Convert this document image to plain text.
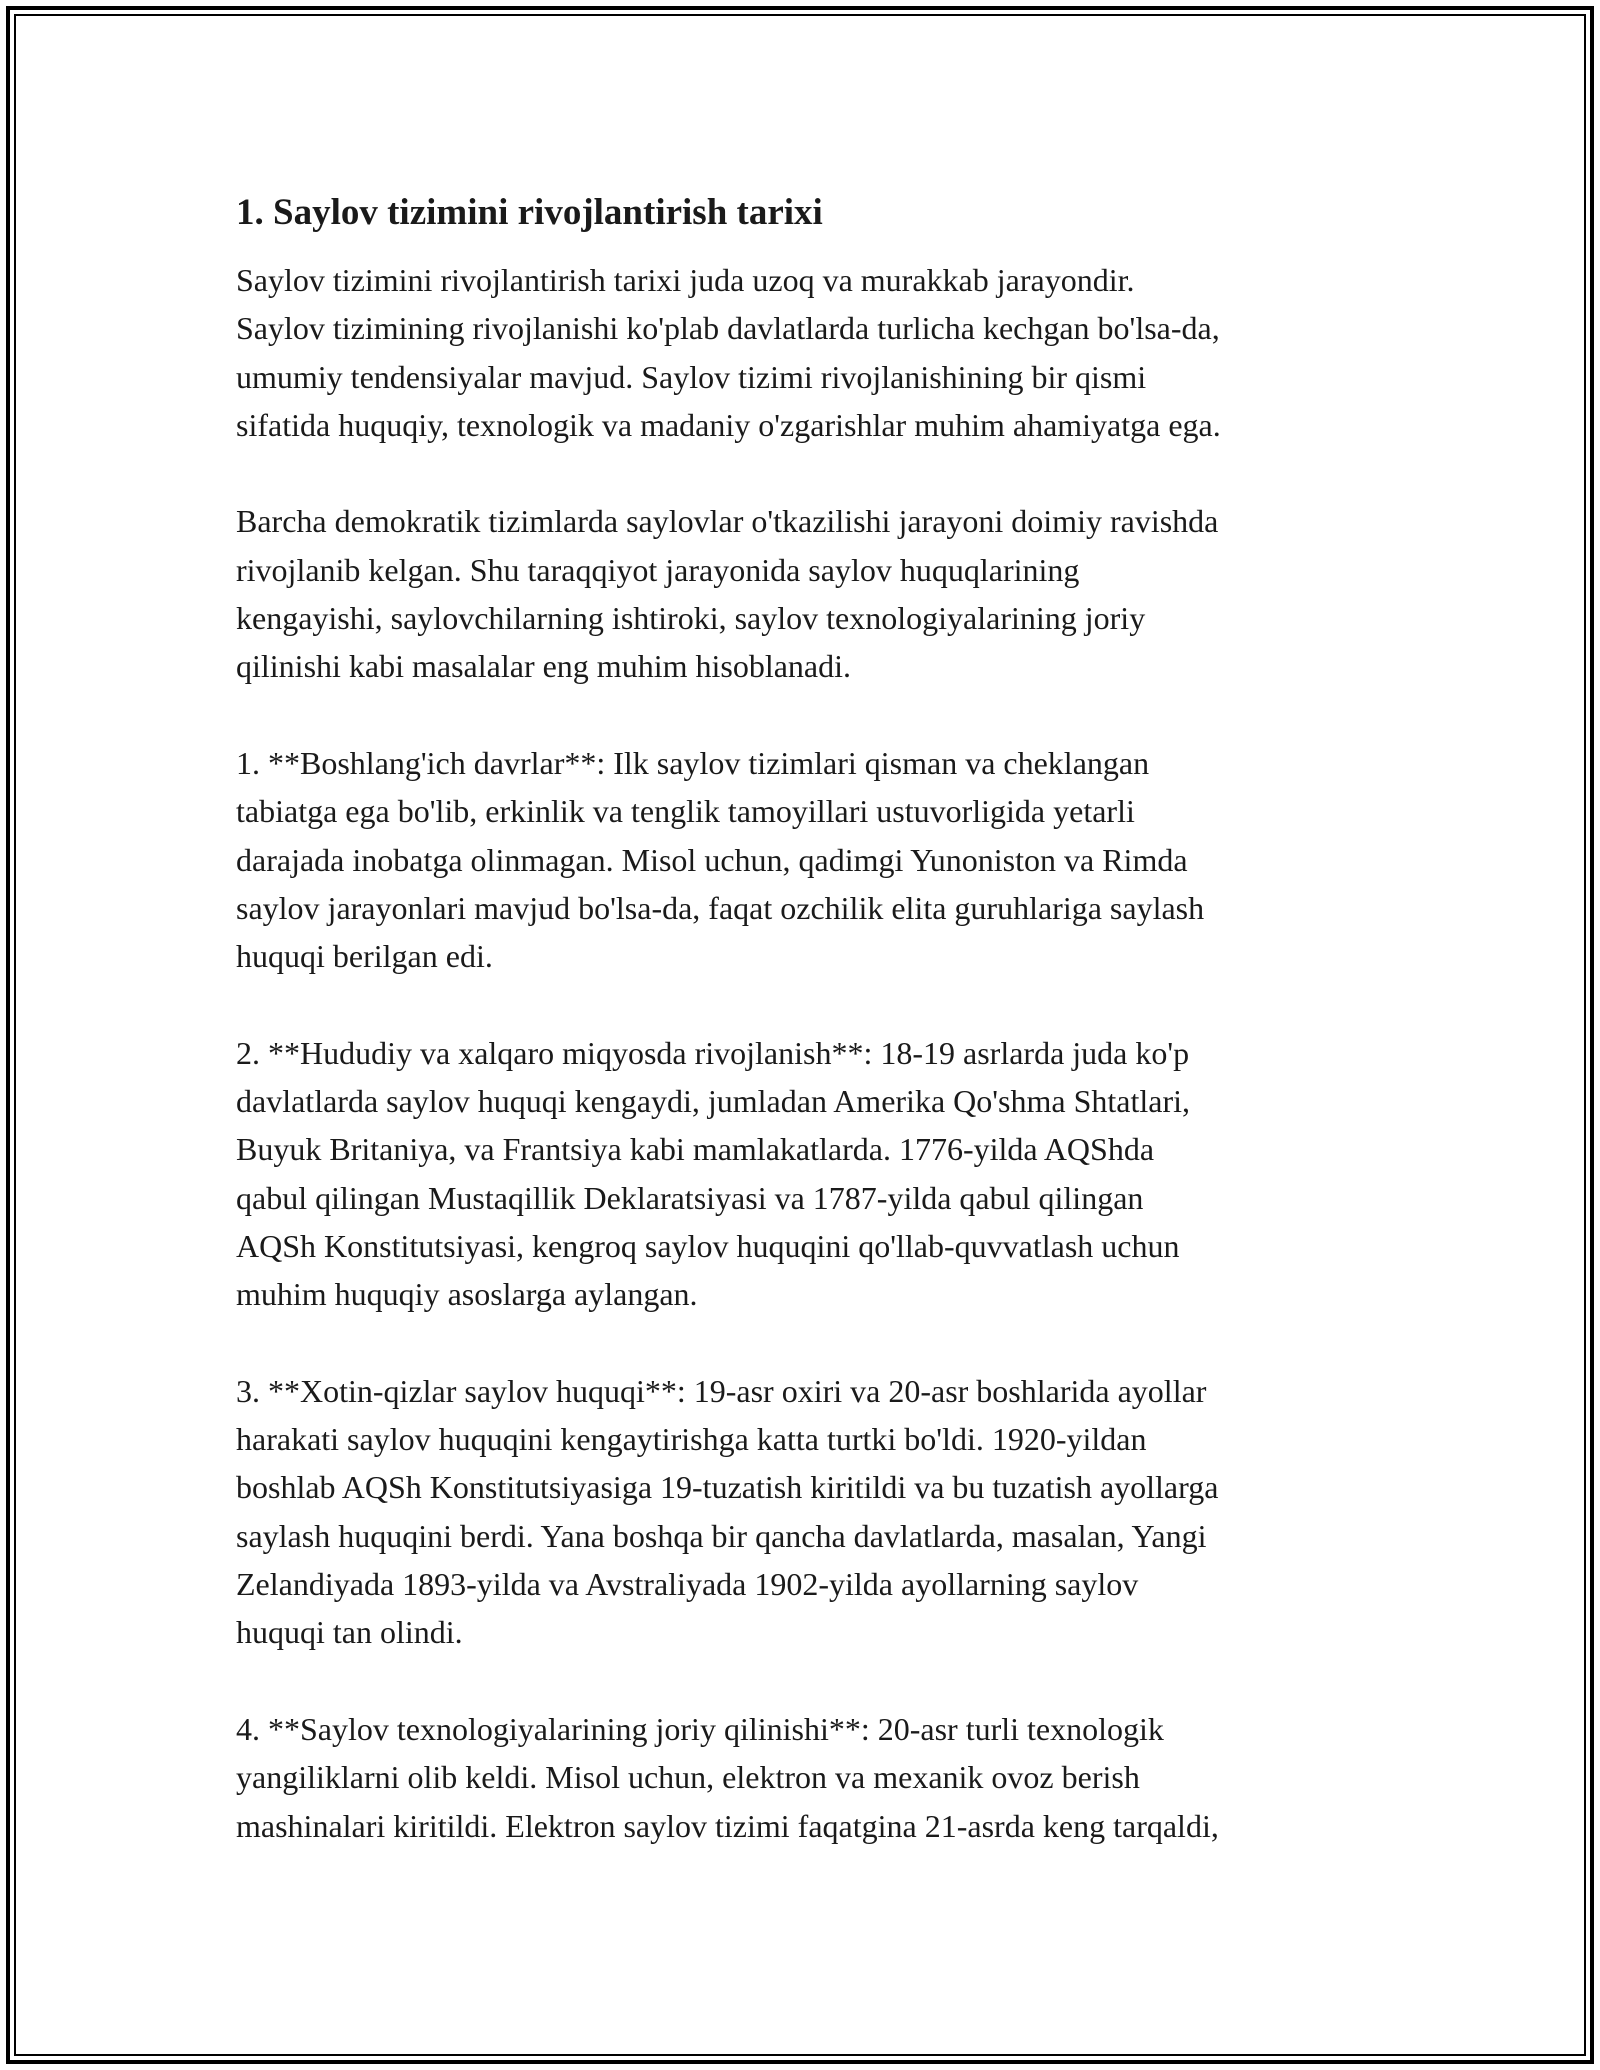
1. Saylov tizimini rivojlantirish tarixi

Saylov tizimini rivojlantirish tarixi juda uzoq va murakkab jarayondir.
Saylov tizimining rivojlanishi ko'plab davlatlarda turlicha kechgan bo'lsa-da,
umumiy tendensiyalar mavjud. Saylov tizimi rivojlanishining bir qismi
sifatida huquqiy, texnologik va madaniy o'zgarishlar muhim ahamiyatga ega.

Barcha demokratik tizimlarda saylovlar o'tkazilishi jarayoni doimiy ravishda
rivojlanib kelgan. Shu taraqqiyot jarayonida saylov huquqlarining
kengayishi, saylovchilarning ishtiroki, saylov texnologiyalarining joriy
qilinishi kabi masalalar eng muhim hisoblanadi.

1. **Boshlang'ich davrlar**: Ilk saylov tizimlari qisman va cheklangan
tabiatga ega bo'lib, erkinlik va tenglik tamoyillari ustuvorligida yetarli
darajada inobatga olinmagan. Misol uchun, qadimgi Yunoniston va Rimda
saylov jarayonlari mavjud bo'lsa-da, faqat ozchilik elita guruhlariga saylash
huquqi berilgan edi.

2. **Hududiy va xalqaro miqyosda rivojlanish**: 18-19 asrlarda juda ko'p
davlatlarda saylov huquqi kengaydi, jumladan Amerika Qo'shma Shtatlari,
Buyuk Britaniya, va Frantsiya kabi mamlakatlarda. 1776-yilda AQShda
qabul qilingan Mustaqillik Deklaratsiyasi va 1787-yilda qabul qilingan
AQSh Konstitutsiyasi, kengroq saylov huquqini qo'llab-quvvatlash uchun
muhim huquqiy asoslarga aylangan.

3. **Xotin-qizlar saylov huquqi**: 19-asr oxiri va 20-asr boshlarida ayollar
harakati saylov huquqini kengaytirishga katta turtki bo'ldi. 1920-yildan
boshlab AQSh Konstitutsiyasiga 19-tuzatish kiritildi va bu tuzatish ayollarga
saylash huquqini berdi. Yana boshqa bir qancha davlatlarda, masalan, Yangi
Zelandiyada 1893-yilda va Avstraliyada 1902-yilda ayollarning saylov
huquqi tan olindi.

4. **Saylov texnologiyalarining joriy qilinishi**: 20-asr turli texnologik
yangiliklarni olib keldi. Misol uchun, elektron va mexanik ovoz berish
mashinalari kiritildi. Elektron saylov tizimi faqatgina 21-asrda keng tarqaldi,
